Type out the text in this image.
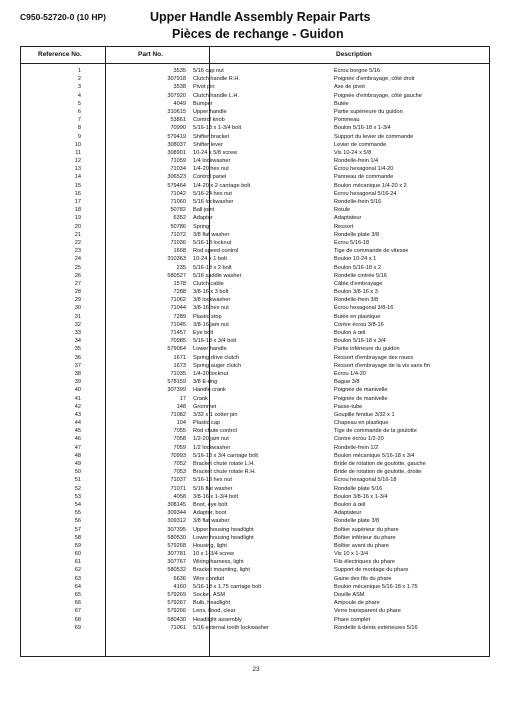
C950-52720-0 (10 HP)	Upper Handle Assembly Repair Parts
Pièces de rechange - Guidon
Reference No.	Part No.	Description
1	3535 5/16 cap nut	Écrou borgne 5/16
2	307918 Clutch handle R.H.	Poignée d'embrayage, côté droit
3	3538 Pivot pin	Axe de pivot
4	307920 Clutch handle L.H.	Poignée d'embrayage, côté gauche
5	4049 Bumper	Butée
6	310615 Upper handle	Partie supérieure du guidon
7	53861 Control knob	Pommeau
8	70990 5/16-18 x 1-3/4 bolt	Boulon 5/16-18 x 1-3/4
9	579419 Shifter bracket	Support du levier de commande
10	308037 Shifter lever	Levier de commande
11	308901 10-24 x 5/8 screw	Vis 10-24 x 5/8
12	71059 1/4 lockwasher	Rondelle-frein 1/4
13	71034 1/4-20 hex nut	Écrou hexagonal 1/4-20
14	306523 Control panel	Panneau de commande
15	579464 1/4-20 x 2 carriage bolt	Boulon mécanique 1/4-20 x 2
16	71042 5/16-24 hex nut	Écrou hexagonal 5/16-24
17	71060 5/16 lockwasher	Rondelle-frein 5/16
18	50782 Ball joint	Rotule
19	6352 Adaptor	Adaptateur
20	50786 Spring	Ressort
21	71072 3/8 flat washer	Rondelle plate 3/8
22	71036 5/16-18 locknut	Écrou 5/16-18
23	1668 Rod speed control	Tige de commande de vitesse
24	310363 10-24 x 1 bolt	Boulon 10-24 x 1
25	235 5/16-18 x 2 bolt	Boulon 5/16-18 x 2
26	580527 5/16 saddle washer	Rondelle cintrée 5/16
27	1578 Clutch cable	Câble d'embrayage
28	7288 3/8-16 x 3 bolt	Boulon 3/8-16 x 3
29	71062 3/8 lockwasher	Rondelle-frein 3/8
30	71044 3/8-16 hex nut	Écrou hexagonal 3/8-16
31	7289 Plastic stop	Butée en plastique
32	71045 3/8-16 jam nut	Contre écrou 3/8-16
33	71457 Eye bolt	Boulon à œil
34	70985 5/16-18 x 3/4 bolt	Boulon 5/16-18 x 3/4
35	579064 Lower handle	Partie inférieure du guidon
36	1671 Spring drive clutch	Ressort d'embrayage des roues
37	1673 Spring auger clutch	Ressort d'embrayage de la vis sans fin
38	71035 1/4-20 locknut	Écrou 1/4-20
39	578159 3/8 E-ring	Bague 3/8
40	307399 Handle crank	Poignée de manivelle
41	17 Crank	Poignée de manivelle
42	148 Grommet	Passe-tube
43	71082 3/32 x 1 cotter pin	Goupille fendue 3/32 x 1
44	104 Plastic cap	Chapeau en plastique
45	7055 Rod chute control	Tige de commande de la goulotte
46	7058 1/2-20 jam nut	Contre écrou 1/2-20
47	7059 1/2 lockwasher	Rondelle-frein 1/2
48	70993 5/16-18 x 3/4 carriage bolt	Boulon mécanique 5/16-18 x 3/4
49	7052 Bracket chute rotate L.H.	Bride de rotation de goulotte, gauche
50	7053 Bracket chute rotate R.H.	Bride de rotation de goulotte, droite
51	71037 5/16-18 hex nut	Écrou hexagonal 5/16-18
52	71071 5/16 flat washer	Rondelle plate 5/16
53	4058 3/8-16 x 1-3/4 bolt	Boulon 3/8-16 x 1-3/4
54	308145 Boot, eye bolt	Boulon à œil
55	309344 Adaptor, boot	Adaptateur
56	309312 3/8 flat washer	Rondelle plate 3/8
57	307395 Upper housing headlight	Boîtier supérieur du phare
58	580530 Lower housing headlight	Boîtier inférieur du phare
59	579268 Housing, light	Boîtier avant du phare
60	307781 10 x 1-3/4 screw	Vis 10 x 1-3/4
61	307767 Wiring harness, light	Fils électriques du phare
62	580532 Bracket mounting, light	Support de montage du phare
63	6636 Wire conduit	Gaine des fils du phare
64	4160 5/16-18 x 1.75 carriage bolt	Boulon mécanique 5/16-18 x 1.75
65	579269 Socket, ASM	Douille ASM
66	579267 Bulb, headlight	Ampoule de phare
67	579266 Lens, flood, clear	Verre transparent du phare
68	580430 Headlight assembly	Phare complet
69	71061 5/16 external tooth lockwasher	Rondelle à dents extérieures 5/16
23
